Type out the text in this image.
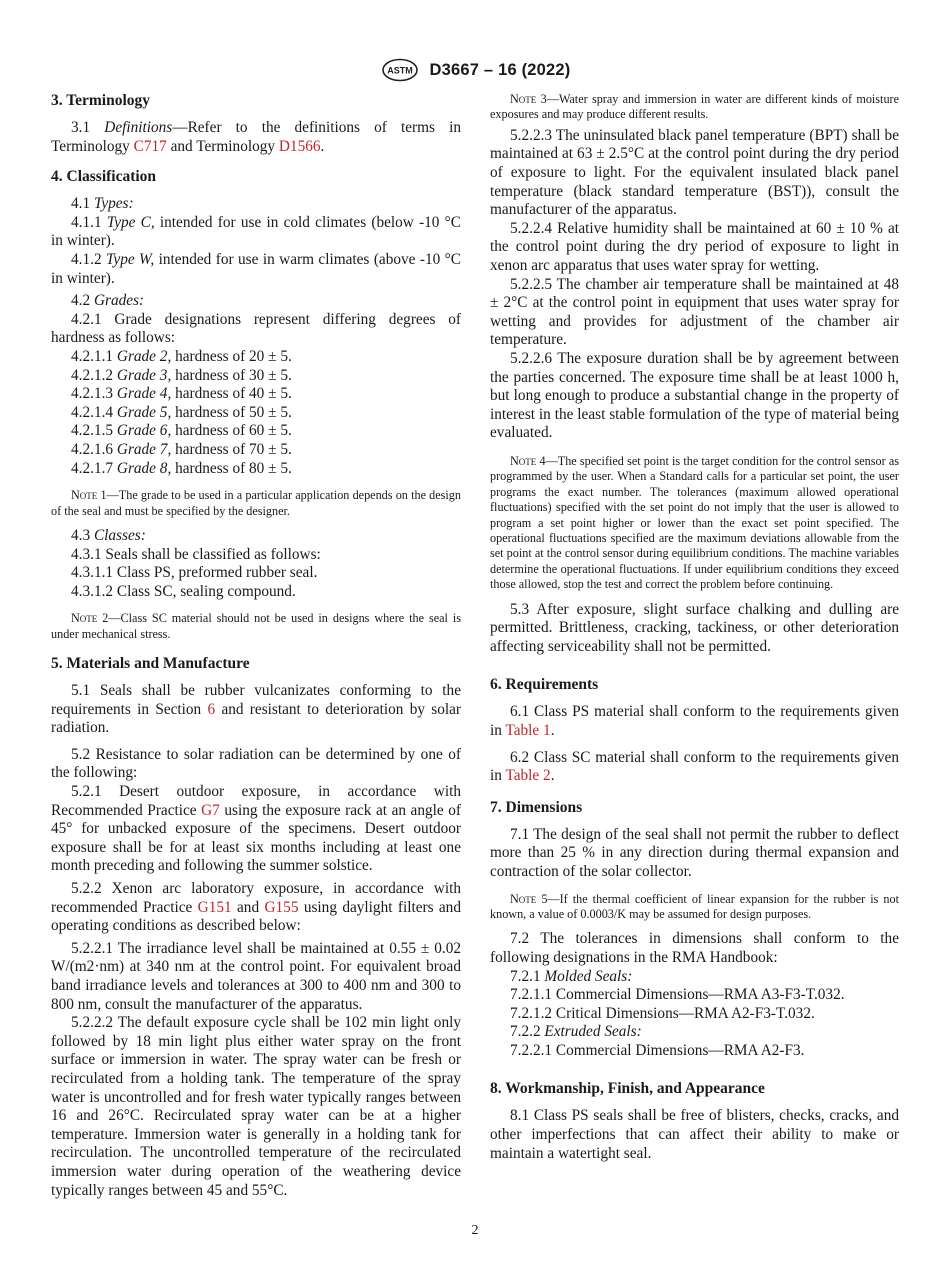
ASTM D3667 – 16 (2022)
3. Terminology
3.1 Definitions—Refer to the definitions of terms in Terminology C717 and Terminology D1566.
4. Classification
4.1 Types:
4.1.1 Type C, intended for use in cold climates (below -10 °C in winter).
4.1.2 Type W, intended for use in warm climates (above -10 °C in winter).
4.2 Grades:
4.2.1 Grade designations represent differing degrees of hardness as follows:
4.2.1.1 Grade 2, hardness of 20 ± 5.
4.2.1.2 Grade 3, hardness of 30 ± 5.
4.2.1.3 Grade 4, hardness of 40 ± 5.
4.2.1.4 Grade 5, hardness of 50 ± 5.
4.2.1.5 Grade 6, hardness of 60 ± 5.
4.2.1.6 Grade 7, hardness of 70 ± 5.
4.2.1.7 Grade 8, hardness of 80 ± 5.
Note 1—The grade to be used in a particular application depends on the design of the seal and must be specified by the designer.
4.3 Classes:
4.3.1 Seals shall be classified as follows:
4.3.1.1 Class PS, preformed rubber seal.
4.3.1.2 Class SC, sealing compound.
Note 2—Class SC material should not be used in designs where the seal is under mechanical stress.
5. Materials and Manufacture
5.1 Seals shall be rubber vulcanizates conforming to the requirements in Section 6 and resistant to deterioration by solar radiation.
5.2 Resistance to solar radiation can be determined by one of the following:
5.2.1 Desert outdoor exposure, in accordance with Recommended Practice G7 using the exposure rack at an angle of 45° for unbacked exposure of the specimens. Desert outdoor exposure shall be for at least six months including at least one month preceding and following the summer solstice.
5.2.2 Xenon arc laboratory exposure, in accordance with recommended Practice G151 and G155 using daylight filters and operating conditions as described below:
5.2.2.1 The irradiance level shall be maintained at 0.55 ± 0.02 W/(m2·nm) at 340 nm at the control point. For equivalent broad band irradiance levels and tolerances at 300 to 400 nm and 300 to 800 nm, consult the manufacturer of the apparatus.
5.2.2.2 The default exposure cycle shall be 102 min light only followed by 18 min light plus either water spray on the front surface or immersion in water. The spray water can be fresh or recirculated from a holding tank. The temperature of the spray water is uncontrolled and for fresh water typically ranges between 16 and 26°C. Recirculated spray water can be at a higher temperature. Immersion water is generally in a holding tank for recirculation. The uncontrolled temperature of the recirculated immersion water during operation of the weathering device typically ranges between 45 and 55°C.
Note 3—Water spray and immersion in water are different kinds of moisture exposures and may produce different results.
5.2.2.3 The uninsulated black panel temperature (BPT) shall be maintained at 63 ± 2.5°C at the control point during the dry period of exposure to light. For the equivalent insulated black panel temperature (black standard temperature (BST)), consult the manufacturer of the apparatus.
5.2.2.4 Relative humidity shall be maintained at 60 ± 10 % at the control point during the dry period of exposure to light in xenon arc apparatus that uses water spray for wetting.
5.2.2.5 The chamber air temperature shall be maintained at 48 ± 2°C at the control point in equipment that uses water spray for wetting and provides for adjustment of the chamber air temperature.
5.2.2.6 The exposure duration shall be by agreement between the parties concerned. The exposure time shall be at least 1000 h, but long enough to produce a substantial change in the property of interest in the least stable formulation of the type of material being evaluated.
Note 4—The specified set point is the target condition for the control sensor as programmed by the user. When a Standard calls for a particular set point, the user programs the exact number. The tolerances (maximum allowed operational fluctuations) specified with the set point do not imply that the user is allowed to program a set point higher or lower than the exact set point specified. The operational fluctuations specified are the maximum deviations allowable from the set point at the control sensor during equilibrium conditions. The machine variables determine the operational fluctuations. If under equilibrium conditions they exceed those allowed, stop the test and correct the problem before continuing.
5.3 After exposure, slight surface chalking and dulling are permitted. Brittleness, cracking, tackiness, or other deterioration affecting serviceability shall not be permitted.
6. Requirements
6.1 Class PS material shall conform to the requirements given in Table 1.
6.2 Class SC material shall conform to the requirements given in Table 2.
7. Dimensions
7.1 The design of the seal shall not permit the rubber to deflect more than 25 % in any direction during thermal expansion and contraction of the solar collector.
Note 5—If the thermal coefficient of linear expansion for the rubber is not known, a value of 0.0003/K may be assumed for design purposes.
7.2 The tolerances in dimensions shall conform to the following designations in the RMA Handbook:
7.2.1 Molded Seals:
7.2.1.1 Commercial Dimensions—RMA A3-F3-T.032.
7.2.1.2 Critical Dimensions—RMA A2-F3-T.032.
7.2.2 Extruded Seals:
7.2.2.1 Commercial Dimensions—RMA A2-F3.
8. Workmanship, Finish, and Appearance
8.1 Class PS seals shall be free of blisters, checks, cracks, and other imperfections that can affect their ability to make or maintain a watertight seal.
2
